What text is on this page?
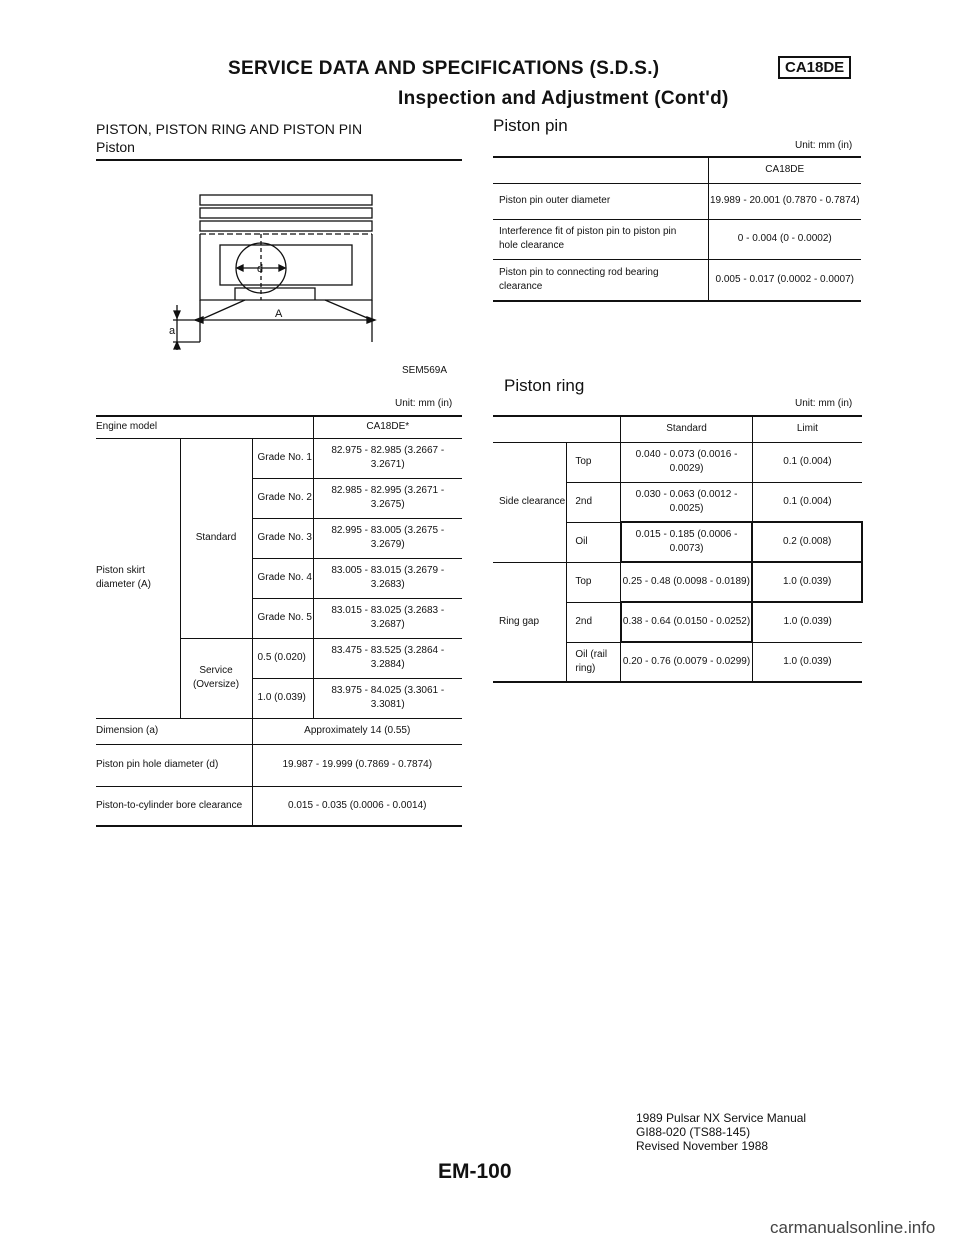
SERVICE DATA AND SPECIFICATIONS (S.D.S.)	CA18DE
Inspection and Adjustment (Cont'd)
PISTON, PISTON RING AND PISTON PIN
Piston
d
A
a
SEM569A
Unit: mm (in)
Engine model			CA18DE*
Piston skirt diameter (A)	Standard	Grade No. 1	82.975 - 82.985 (3.2667 - 3.2671)
		Grade No. 2	82.985 - 82.995 (3.2671 - 3.2675)
		Grade No. 3	82.995 - 83.005 (3.2675 - 3.2679)
		Grade No. 4	83.005 - 83.015 (3.2679 - 3.2683)
		Grade No. 5	83.015 - 83.025 (3.2683 - 3.2687)
	Service (Oversize)	0.5 (0.020)	83.475 - 83.525 (3.2864 - 3.2884)
		1.0 (0.039)	83.975 - 84.025 (3.3061 - 3.3081)
Dimension (a)		Approximately 14 (0.55)	
Piston pin hole diameter (d)		19.987 - 19.999 (0.7869 - 0.7874)	
Piston-to-cylinder bore clearance		0.015 - 0.035 (0.0006 - 0.0014)	
Piston pin
Unit: mm (in)
	CA18DE
Piston pin outer diameter	19.989 - 20.001 (0.7870 - 0.7874)
Interference fit of piston pin to piston pin hole clearance	0 - 0.004 (0 - 0.0002)
Piston pin to connecting rod bearing clearance	0.005 - 0.017 (0.0002 - 0.0007)
Piston ring
Unit: mm (in)
		Standard	Limit
Side clearance	Top	0.040 - 0.073 (0.0016 - 0.0029)	0.1 (0.004)
	2nd	0.030 - 0.063 (0.0012 - 0.0025)	0.1 (0.004)
	Oil	0.015 - 0.185 (0.0006 - 0.0073)	0.2 (0.008)
Ring gap	Top	0.25 - 0.48 (0.0098 - 0.0189)	1.0 (0.039)
	2nd	0.38 - 0.64 (0.0150 - 0.0252)	1.0 (0.039)
	Oil (rail ring)	0.20 - 0.76 (0.0079 - 0.0299)	1.0 (0.039)
1989 Pulsar NX Service Manual
GI88-020 (TS88-145)
Revised November 1988
EM-100
carmanualsonline.info
